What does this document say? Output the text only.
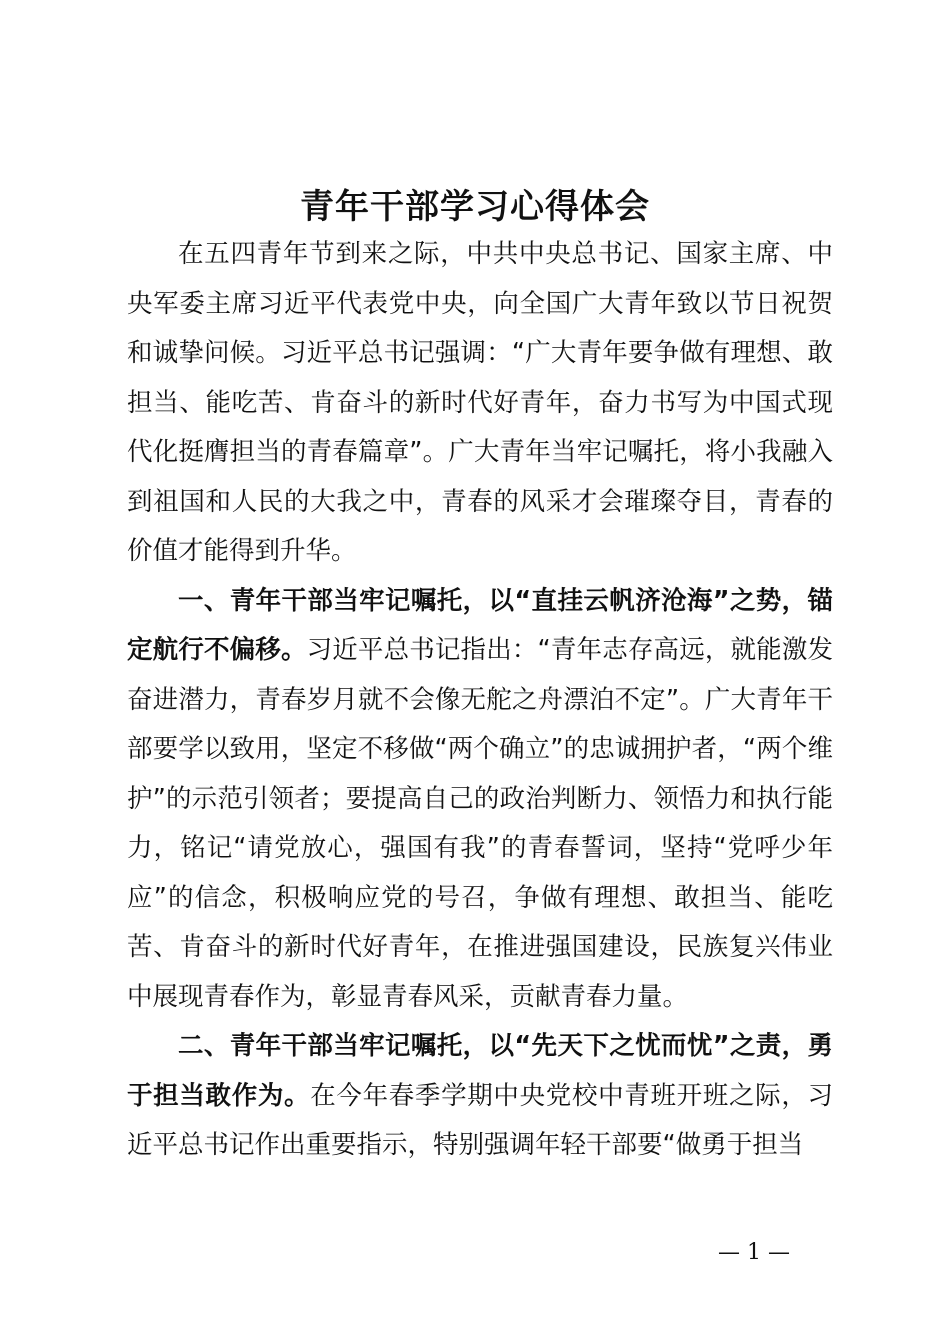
青年干部学习心得体会

在五四青年节到来之际，中共中央总书记、国家主席、中央军委主席习近平代表党中央，向全国广大青年致以节日祝贺和诚挚问候。习近平总书记强调：“广大青年要争做有理想、敢担当、能吃苦、肯奋斗的新时代好青年，奋力书写为中国式现代化挺膺担当的青春篇章”。广大青年当牢记嘱托，将小我融入到祖国和人民的大我之中，青春的风采才会璀璨夺目，青春的价值才能得到升华。

一、青年干部当牢记嘱托，以“直挂云帆济沧海”之势，锚定航行不偏移。习近平总书记指出：“青年志存高远，就能激发奋进潜力，青春岁月就不会像无舵之舟漂泊不定”。广大青年干部要学以致用，坚定不移做“两个确立”的忠诚拥护者，“两个维护”的示范引领者；要提高自己的政治判断力、领悟力和执行能力，铭记“请党放心，强国有我”的青春誓词，坚持“党呼少年应”的信念，积极响应党的号召，争做有理想、敢担当、能吃苦、肯奋斗的新时代好青年，在推进强国建设，民族复兴伟业中展现青春作为，彰显青春风采，贡献青春力量。

二、青年干部当牢记嘱托，以“先天下之忧而忧”之责，勇于担当敢作为。在今年春季学期中央党校中青班开班之际，习近平总书记作出重要指示，特别强调年轻干部要“做勇于担当

— 1 —
